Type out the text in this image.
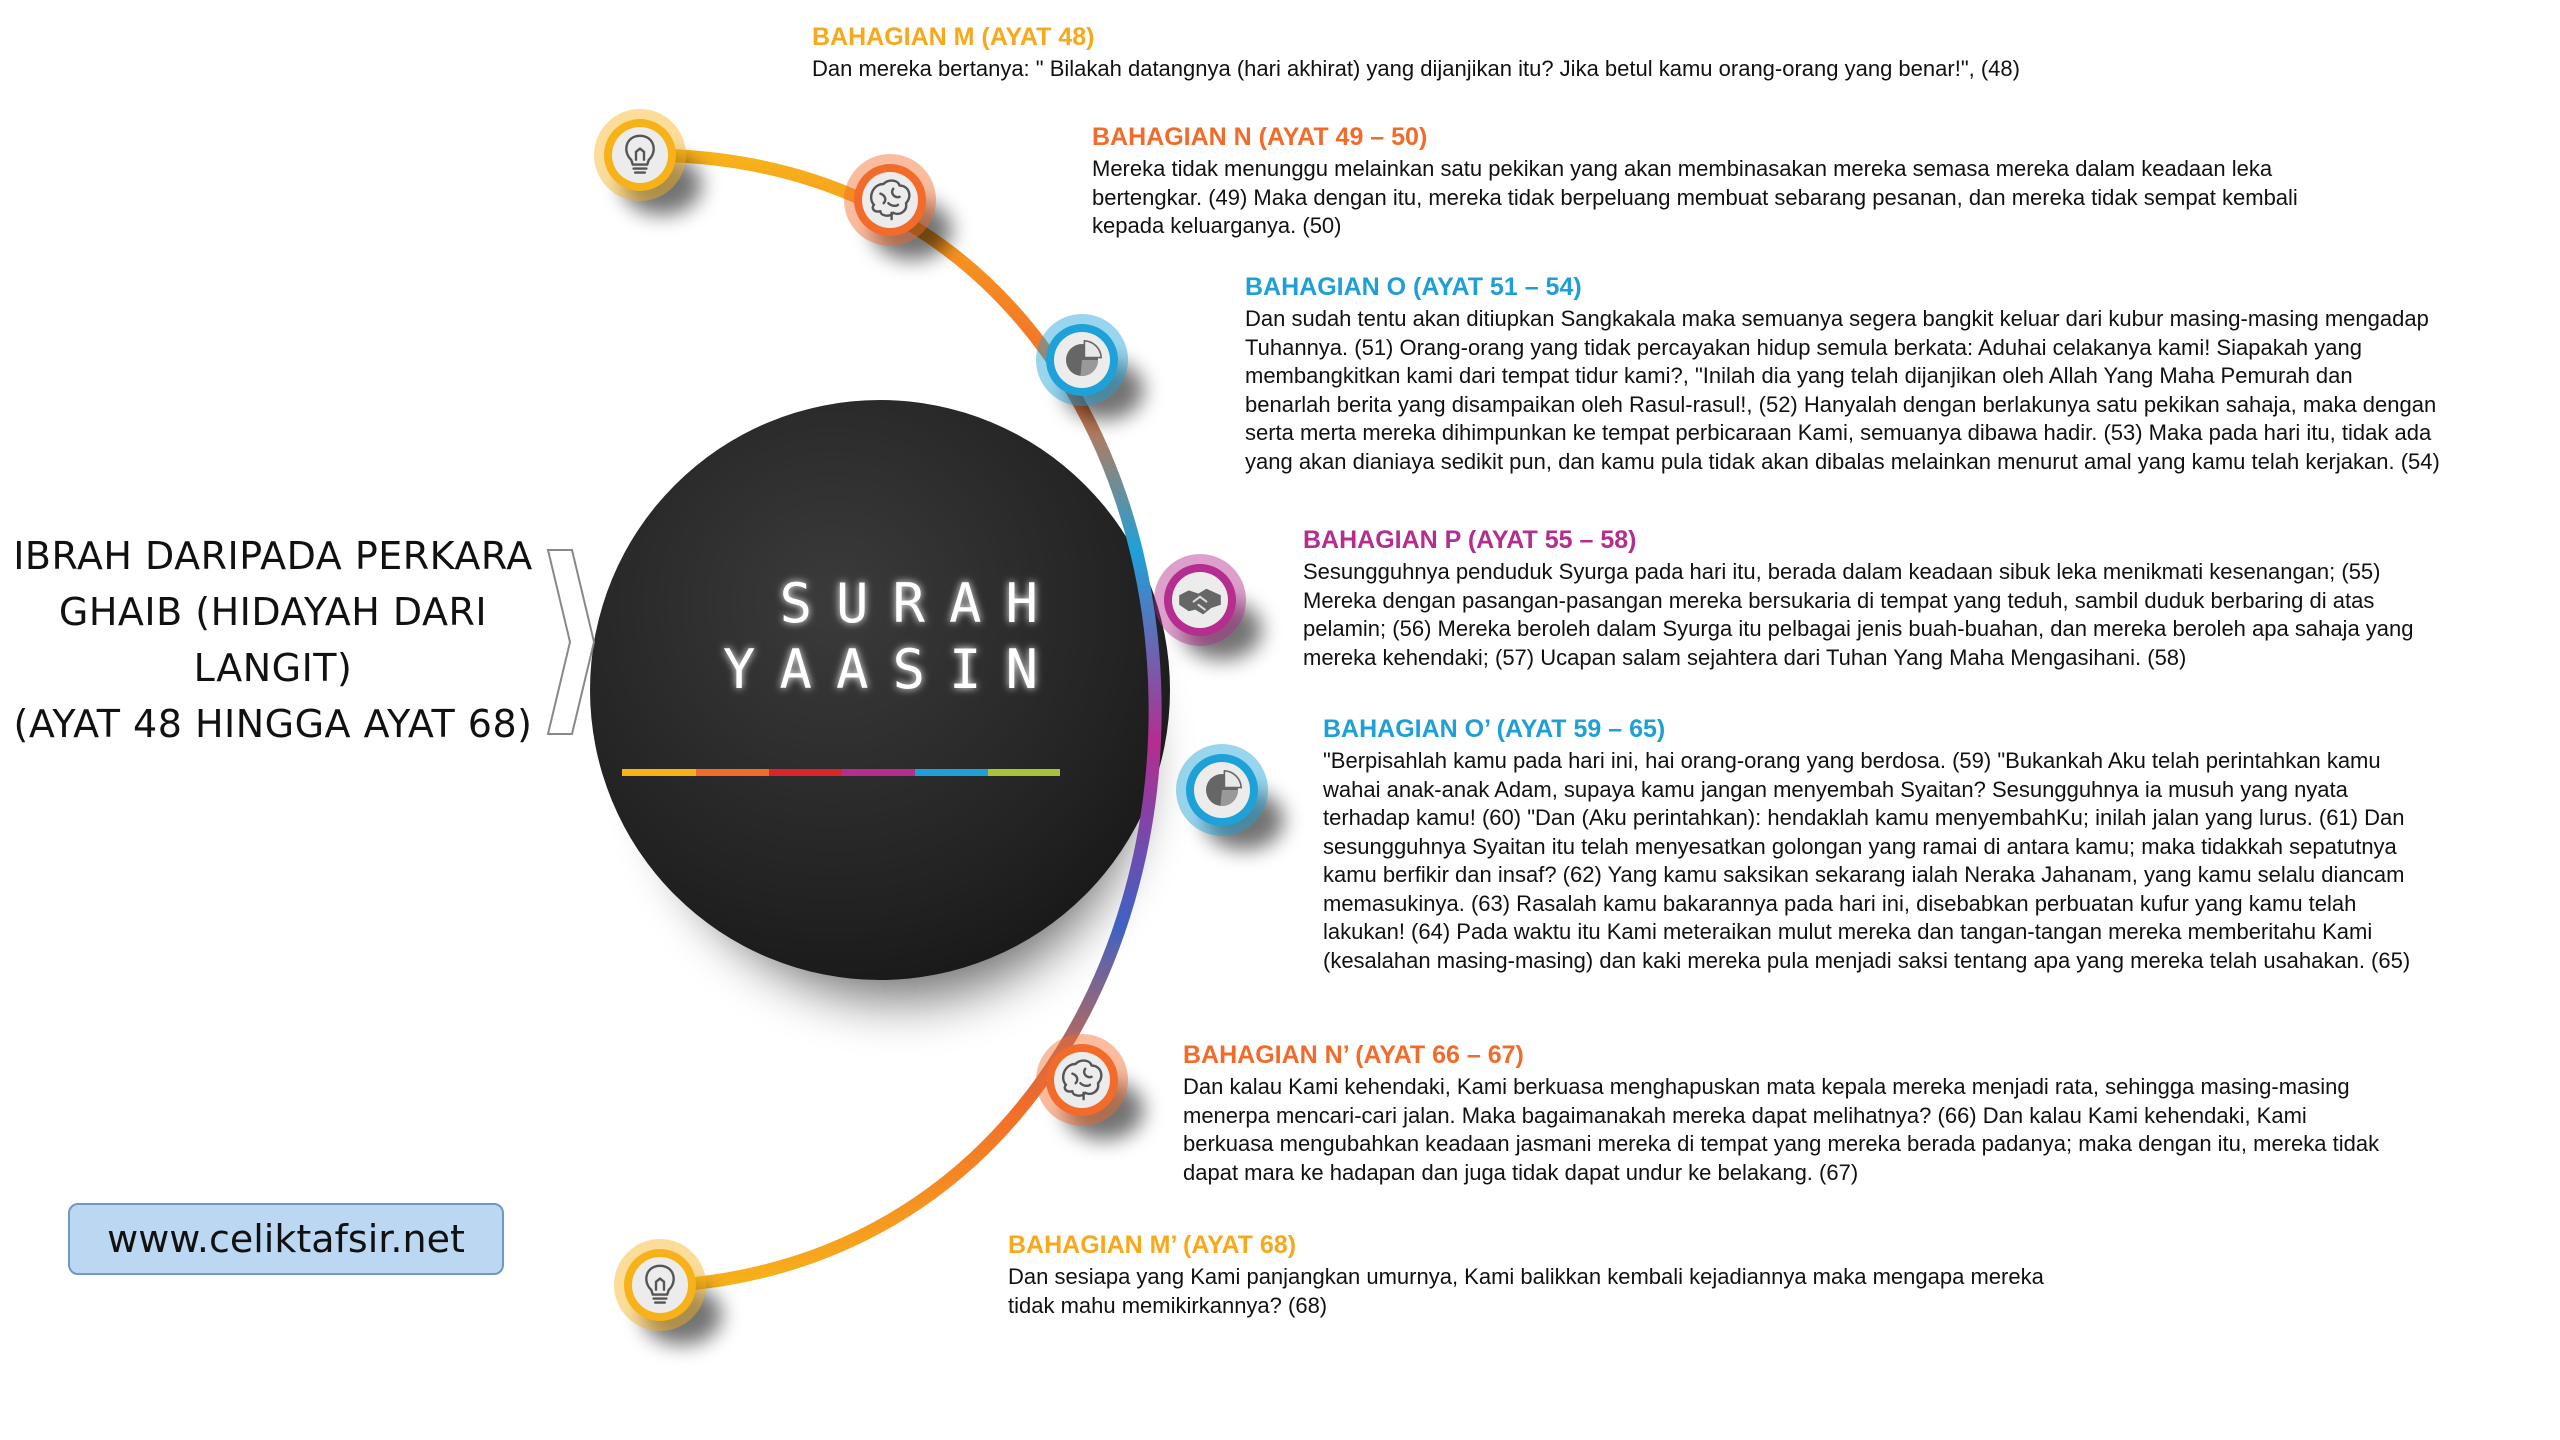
SURAH
YAASIN
IBRAH DARIPADA PERKARA
GHAIB (HIDAYAH DARI
LANGIT)
(AYAT 48 HINGGA AYAT 68)
www.celiktafsir.net
BAHAGIAN M (AYAT 48)
Dan mereka bertanya: " Bilakah datangnya (hari akhirat) yang dijanjikan itu? Jika betul kamu orang-orang yang benar!", (48)
BAHAGIAN N (AYAT 49 – 50)
Mereka tidak menunggu melainkan satu pekikan yang akan membinasakan mereka semasa mereka dalam keadaan leka
bertengkar. (49) Maka dengan itu, mereka tidak berpeluang membuat sebarang pesanan, dan mereka tidak sempat kembali
kepada keluarganya. (50)
BAHAGIAN O (AYAT 51 – 54)
Dan sudah tentu akan ditiupkan Sangkakala maka semuanya segera bangkit keluar dari kubur masing-masing mengadap
Tuhannya. (51) Orang-orang yang tidak percayakan hidup semula berkata: Aduhai celakanya kami! Siapakah yang
membangkitkan kami dari tempat tidur kami?, "Inilah dia yang telah dijanjikan oleh Allah Yang Maha Pemurah dan
benarlah berita yang disampaikan oleh Rasul-rasul!, (52) Hanyalah dengan berlakunya satu pekikan sahaja, maka dengan
serta merta mereka dihimpunkan ke tempat perbicaraan Kami, semuanya dibawa hadir. (53) Maka pada hari itu, tidak ada
yang akan dianiaya sedikit pun, dan kamu pula tidak akan dibalas melainkan menurut amal yang kamu telah kerjakan. (54)
BAHAGIAN P (AYAT 55 – 58)
Sesungguhnya penduduk Syurga pada hari itu, berada dalam keadaan sibuk leka menikmati kesenangan; (55)
Mereka dengan pasangan-pasangan mereka bersukaria di tempat yang teduh, sambil duduk berbaring di atas
pelamin; (56) Mereka beroleh dalam Syurga itu pelbagai jenis buah-buahan, dan mereka beroleh apa sahaja yang
mereka kehendaki; (57) Ucapan salam sejahtera dari Tuhan Yang Maha Mengasihani. (58)
BAHAGIAN O’ (AYAT 59 – 65)
"Berpisahlah kamu pada hari ini, hai orang-orang yang berdosa. (59) "Bukankah Aku telah perintahkan kamu
wahai anak-anak Adam, supaya kamu jangan menyembah Syaitan? Sesungguhnya ia musuh yang nyata
terhadap kamu! (60) "Dan (Aku perintahkan): hendaklah kamu menyembahKu; inilah jalan yang lurus. (61) Dan
sesungguhnya Syaitan itu telah menyesatkan golongan yang ramai di antara kamu; maka tidakkah sepatutnya
kamu berfikir dan insaf? (62) Yang kamu saksikan sekarang ialah Neraka Jahanam, yang kamu selalu diancam
memasukinya. (63) Rasalah kamu bakarannya pada hari ini, disebabkan perbuatan kufur yang kamu telah
lakukan! (64) Pada waktu itu Kami meteraikan mulut mereka dan tangan-tangan mereka memberitahu Kami
(kesalahan masing-masing) dan kaki mereka pula menjadi saksi tentang apa yang mereka telah usahakan. (65)
BAHAGIAN N’ (AYAT 66 – 67)
Dan kalau Kami kehendaki, Kami berkuasa menghapuskan mata kepala mereka menjadi rata, sehingga masing-masing
menerpa mencari-cari jalan. Maka bagaimanakah mereka dapat melihatnya? (66) Dan kalau Kami kehendaki, Kami
berkuasa mengubahkan keadaan jasmani mereka di tempat yang mereka berada padanya; maka dengan itu, mereka tidak
dapat mara ke hadapan dan juga tidak dapat undur ke belakang. (67)
BAHAGIAN M’ (AYAT 68)
Dan sesiapa yang Kami panjangkan umurnya, Kami balikkan kembali kejadiannya maka mengapa mereka
tidak mahu memikirkannya? (68)
